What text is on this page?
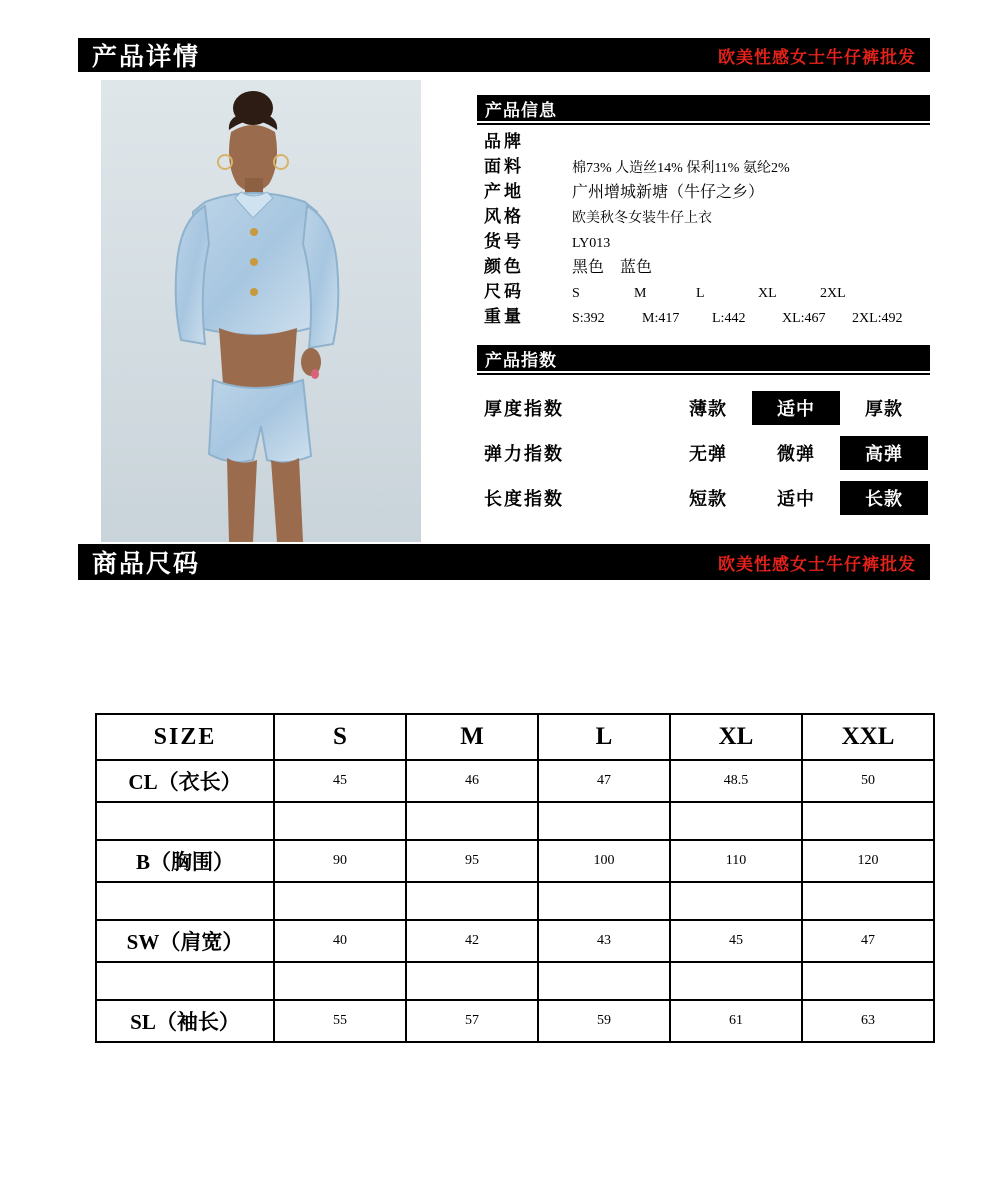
产品详情	欧美性感女士牛仔裤批发
产品信息
品牌
面料	棉73% 人造丝14% 保利11% 氨纶2%
产地	广州增城新塘（牛仔之乡）
风格	欧美秋冬女装牛仔上衣
货号	LY013
颜色	黑色 蓝色
尺码	S	M	L	XL	2XL
重量	S:392	M:417	L:442	XL:467	2XL:492
产品指数
厚度指数	薄款	适中	厚款
弹力指数	无弹	微弹	高弹
长度指数	短款	适中	长款
商品尺码	欧美性感女士牛仔裤批发
SIZE	S	M	L	XL	XXL
CL（衣长）	45	46	47	48.5	50

B（胸围）	90	95	100	110	120

SW（肩宽）	40	42	43	45	47

SL（袖长）	55	57	59	61	63
